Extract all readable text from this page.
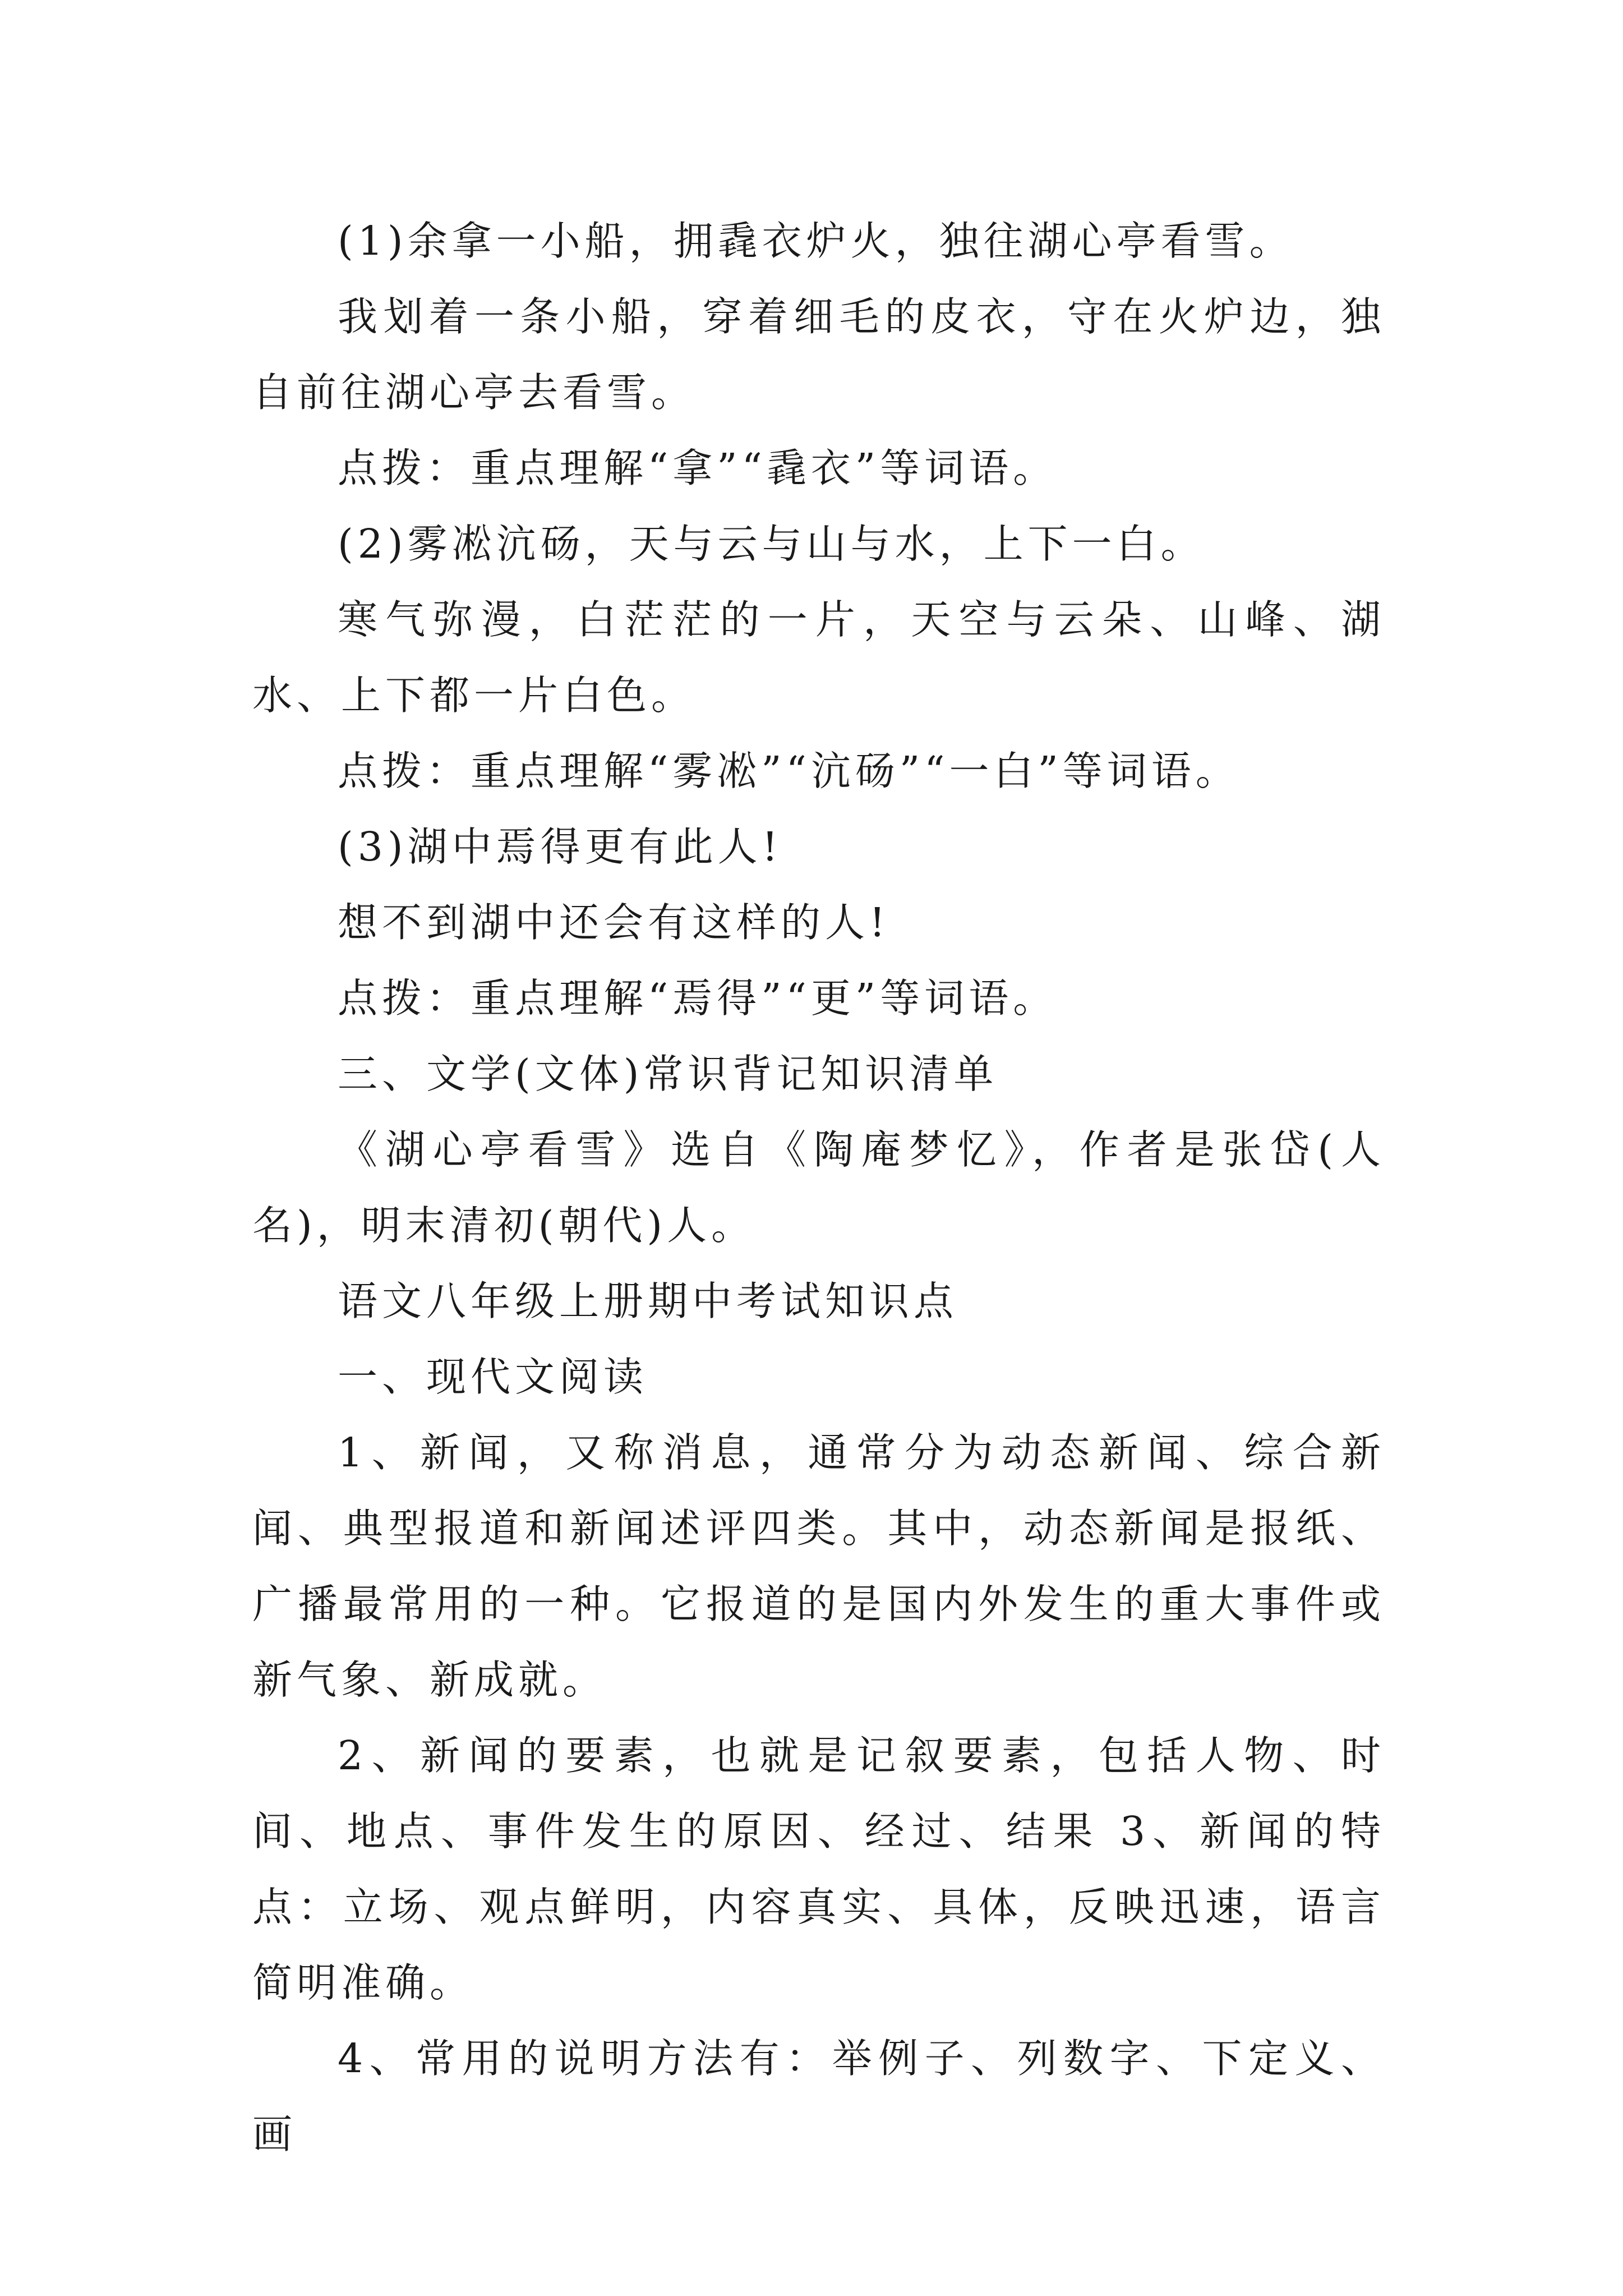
(1)余拿一小船，拥毳衣炉火，独往湖心亭看雪。

我划着一条小船，穿着细毛的皮衣，守在火炉边，独自前往湖心亭去看雪。

点拨：重点理解“拿”“毳衣”等词语。

(2)雾凇沆砀，天与云与山与水，上下一白。

寒气弥漫，白茫茫的一片，天空与云朵、山峰、湖水、上下都一片白色。

点拨：重点理解“雾凇”“沆砀”“一白”等词语。

(3)湖中焉得更有此人!

想不到湖中还会有这样的人!

点拨：重点理解“焉得”“更”等词语。

三、文学(文体)常识背记知识清单

《湖心亭看雪》选自《陶庵梦忆》，作者是张岱(人名)，明末清初(朝代)人。

语文八年级上册期中考试知识点

一、现代文阅读

1、新闻，又称消息，通常分为动态新闻、综合新闻、典型报道和新闻述评四类。其中，动态新闻是报纸、广播最常用的一种。它报道的是国内外发生的重大事件或新气象、新成就。

2、新闻的要素，也就是记叙要素，包括人物、时间、地点、事件发生的原因、经过、结果 3、新闻的特点：立场、观点鲜明，内容真实、具体，反映迅速，语言简明准确。

4、常用的说明方法有：举例子、列数字、下定义、画
